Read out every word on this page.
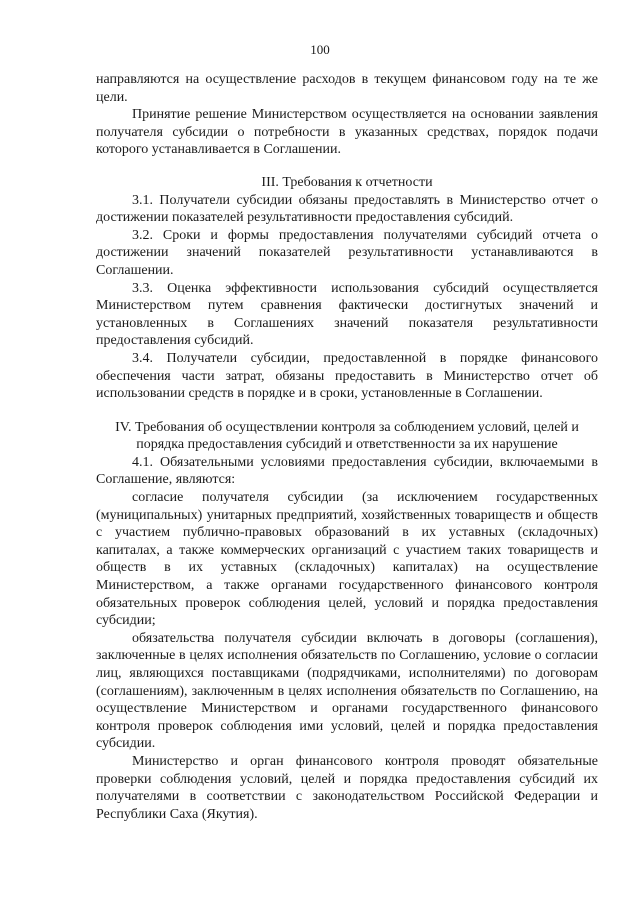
100

направляются на осуществление расходов в текущем финансовом году на те же цели.

Принятие решение Министерством осуществляется на основании заявления получателя субсидии о потребности в указанных средствах, порядок подачи которого устанавливается в Соглашении.

III. Требования к отчетности

3.1. Получатели субсидии обязаны предоставлять в Министерство отчет о достижении показателей результативности предоставления субсидий.

3.2. Сроки и формы предоставления получателями субсидий отчета о достижении значений показателей результативности устанавливаются в Соглашении.

3.3. Оценка эффективности использования субсидий осуществляется Министерством путем сравнения фактически достигнутых значений и установленных в Соглашениях значений показателя результативности предоставления субсидий.

3.4. Получатели субсидии, предоставленной в порядке финансового обеспечения части затрат, обязаны предоставить в Министерство отчет об использовании средств в порядке и в сроки, установленные в Соглашении.

IV. Требования об осуществлении контроля за соблюдением условий, целей и порядка предоставления субсидий и ответственности за их нарушение

4.1. Обязательными условиями предоставления субсидии, включаемыми в Соглашение, являются:

согласие получателя субсидии (за исключением государственных (муниципальных) унитарных предприятий, хозяйственных товариществ и обществ с участием публично-правовых образований в их уставных (складочных) капиталах, а также коммерческих организаций с участием таких товариществ и обществ в их уставных (складочных) капиталах) на осуществление Министерством, а также органами государственного финансового контроля обязательных проверок соблюдения целей, условий и порядка предоставления субсидии;

обязательства получателя субсидии включать в договоры (соглашения), заключенные в целях исполнения обязательств по Соглашению, условие о согласии лиц, являющихся поставщиками (подрядчиками, исполнителями) по договорам (соглашениям), заключенным в целях исполнения обязательств по Соглашению, на осуществление Министерством и органами государственного финансового контроля проверок соблюдения ими условий, целей и порядка предоставления субсидии.

Министерство и орган финансового контроля проводят обязательные проверки соблюдения условий, целей и порядка предоставления субсидий их получателями в соответствии с законодательством Российской Федерации и Республики Саха (Якутия).
